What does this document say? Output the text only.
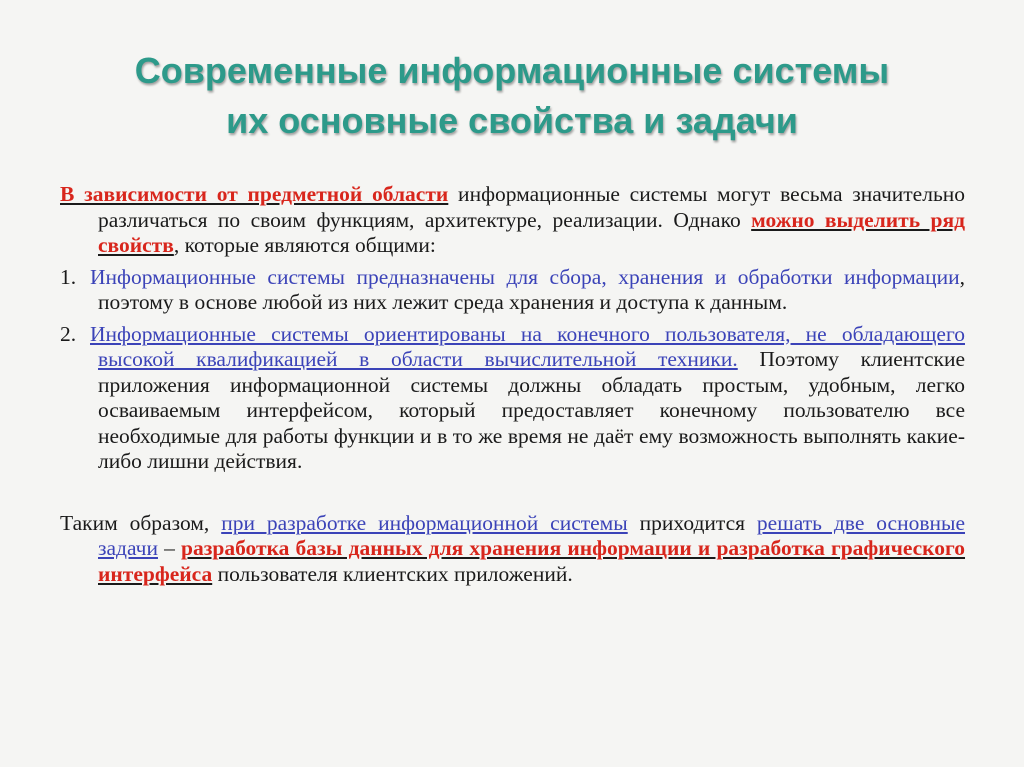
Современные информационные системы
их основные свойства и задачи

В зависимости от предметной области информационные системы могут весьма значительно различаться по своим функциям, архитектуре, реализации. Однако можно выделить ряд свойств, которые являются общими:

1. Информационные системы предназначены для сбора, хранения и обработки информации, поэтому в основе любой из них лежит среда хранения и доступа к данным.

2. Информационные системы ориентированы на конечного пользователя, не обладающего высокой квалификацией в области вычислительной техники. Поэтому клиентские приложения информационной системы должны обладать простым, удобным, легко осваиваемым интерфейсом, который предоставляет конечному пользователю все необходимые для работы функции и в то же время не даёт ему возможность выполнять какие-либо лишни действия.

Таким образом, при разработке информационной системы приходится решать две основные задачи – разработка базы данных для хранения информации и разработка графического интерфейса пользователя клиентских приложений.
